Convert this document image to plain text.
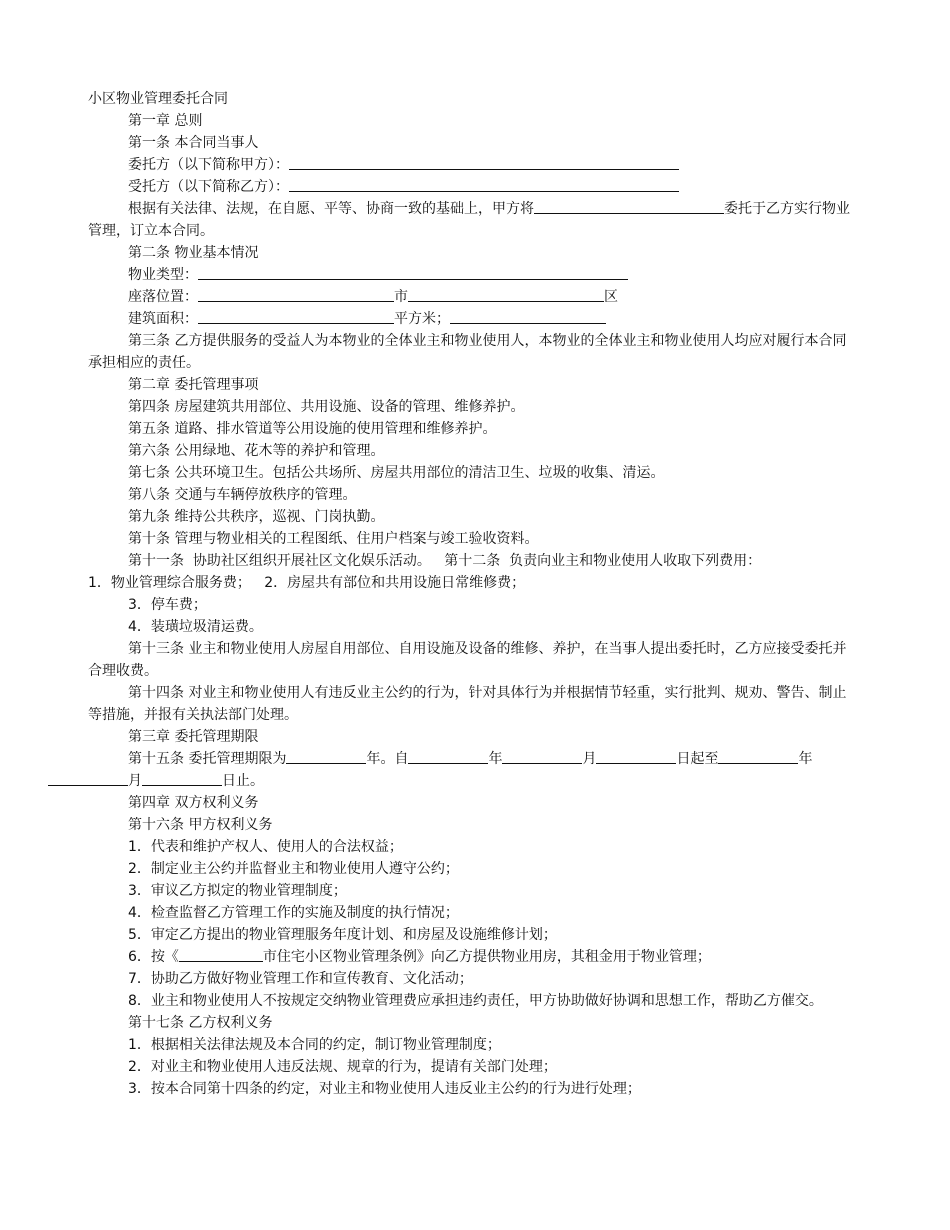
小区物业管理委托合同
第一章 总则
第一条 本合同当事人
委托方（以下简称甲方）：
受托方（以下简称乙方）：
根据有关法律、法规，在自愿、平等、协商一致的基础上，甲方将	委托于乙方实行物业管理，订立本合同。
第二条 物业基本情况
物业类型：
座落位置：	市	区
建筑面积：	平方米；
第三条 乙方提供服务的受益人为本物业的全体业主和物业使用人，本物业的全体业主和物业使用人均应对履行本合同承担相应的责任。
第二章 委托管理事项
第四条 房屋建筑共用部位、共用设施、设备的管理、维修养护。
第五条 道路、排水管道等公用设施的使用管理和维修养护。
第六条 公用绿地、花木等的养护和管理。
第七条 公共环境卫生。包括公共场所、房屋共用部位的清洁卫生、垃圾的收集、清运。
第八条 交通与车辆停放秩序的管理。
第九条 维持公共秩序，巡视、门岗执勤。
第十条 管理与物业相关的工程图纸、住用户档案与竣工验收资料。
第十一条  协助社区组织开展社区文化娱乐活动。   第十二条  负责向业主和物业使用人收取下列费用：
1．物业管理综合服务费；   2．房屋共有部位和共用设施日常维修费；
3．停车费；
4．装璜垃圾清运费。
第十三条 业主和物业使用人房屋自用部位、自用设施及设备的维修、养护，在当事人提出委托时，乙方应接受委托并合理收费。
第十四条 对业主和物业使用人有违反业主公约的行为，针对具体行为并根据情节轻重，实行批判、规劝、警告、制止等措施，并报有关执法部门处理。
第三章 委托管理期限
第十五条 委托管理期限为	年。自	年	月	日起至	年
月	日止。
第四章 双方权利义务
第十六条 甲方权利义务
1．代表和维护产权人、使用人的合法权益；
2．制定业主公约并监督业主和物业使用人遵守公约；
3．审议乙方拟定的物业管理制度；
4．检查监督乙方管理工作的实施及制度的执行情况；
5．审定乙方提出的物业管理服务年度计划、和房屋及设施维修计划；
6．按《	市住宅小区物业管理条例》向乙方提供物业用房，其租金用于物业管理；
7．协助乙方做好物业管理工作和宣传教育、文化活动；
8．业主和物业使用人不按规定交纳物业管理费应承担违约责任，甲方协助做好协调和思想工作，帮助乙方催交。
第十七条 乙方权利义务
1．根据相关法律法规及本合同的约定，制订物业管理制度；
2．对业主和物业使用人违反法规、规章的行为，提请有关部门处理；
3．按本合同第十四条的约定，对业主和物业使用人违反业主公约的行为进行处理；
